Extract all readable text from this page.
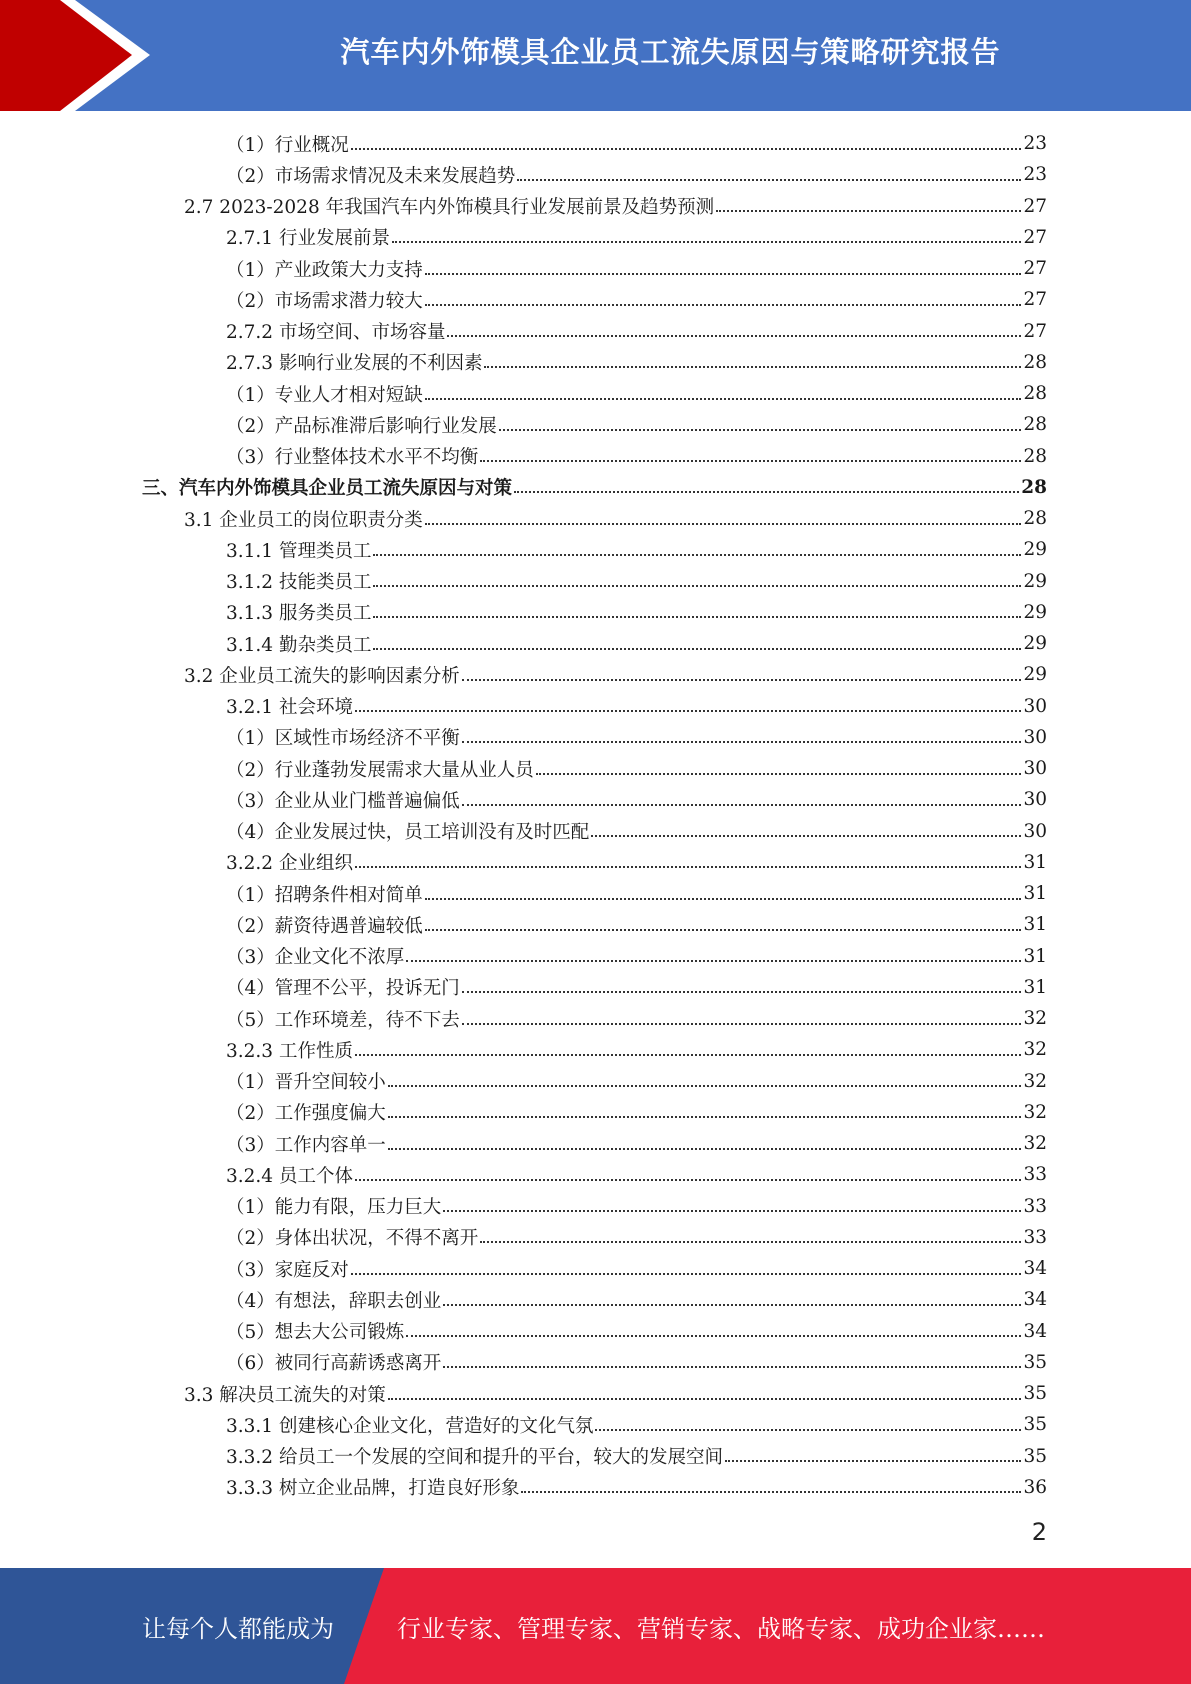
汽车内外饰模具企业员工流失原因与策略研究报告
（1）行业概况	23
（2）市场需求情况及未来发展趋势	23
2.7 2023-2028 年我国汽车内外饰模具行业发展前景及趋势预测	27
2.7.1 行业发展前景	27
（1）产业政策大力支持	27
（2）市场需求潜力较大	27
2.7.2 市场空间、市场容量	27
2.7.3 影响行业发展的不利因素	28
（1）专业人才相对短缺	28
（2）产品标准滞后影响行业发展	28
（3）行业整体技术水平不均衡	28
三、汽车内外饰模具企业员工流失原因与对策	28
3.1 企业员工的岗位职责分类	28
3.1.1 管理类员工	29
3.1.2 技能类员工	29
3.1.3 服务类员工	29
3.1.4 勤杂类员工	29
3.2 企业员工流失的影响因素分析	29
3.2.1 社会环境	30
（1）区域性市场经济不平衡	30
（2）行业蓬勃发展需求大量从业人员	30
（3）企业从业门槛普遍偏低	30
（4）企业发展过快，员工培训没有及时匹配	30
3.2.2 企业组织	31
（1）招聘条件相对简单	31
（2）薪资待遇普遍较低	31
（3）企业文化不浓厚	31
（4）管理不公平，投诉无门	31
（5）工作环境差，待不下去	32
3.2.3 工作性质	32
（1）晋升空间较小	32
（2）工作强度偏大	32
（3）工作内容单一	32
3.2.4 员工个体	33
（1）能力有限，压力巨大	33
（2）身体出状况，不得不离开	33
（3）家庭反对	34
（4）有想法，辞职去创业	34
（5）想去大公司锻炼	34
（6）被同行高薪诱惑离开	35
3.3 解决员工流失的对策	35
3.3.1 创建核心企业文化，营造好的文化气氛	35
3.3.2 给员工一个发展的空间和提升的平台，较大的发展空间	35
3.3.3 树立企业品牌，打造良好形象	36
2
让每个人都能成为	行业专家、管理专家、营销专家、战略专家、成功企业家……
